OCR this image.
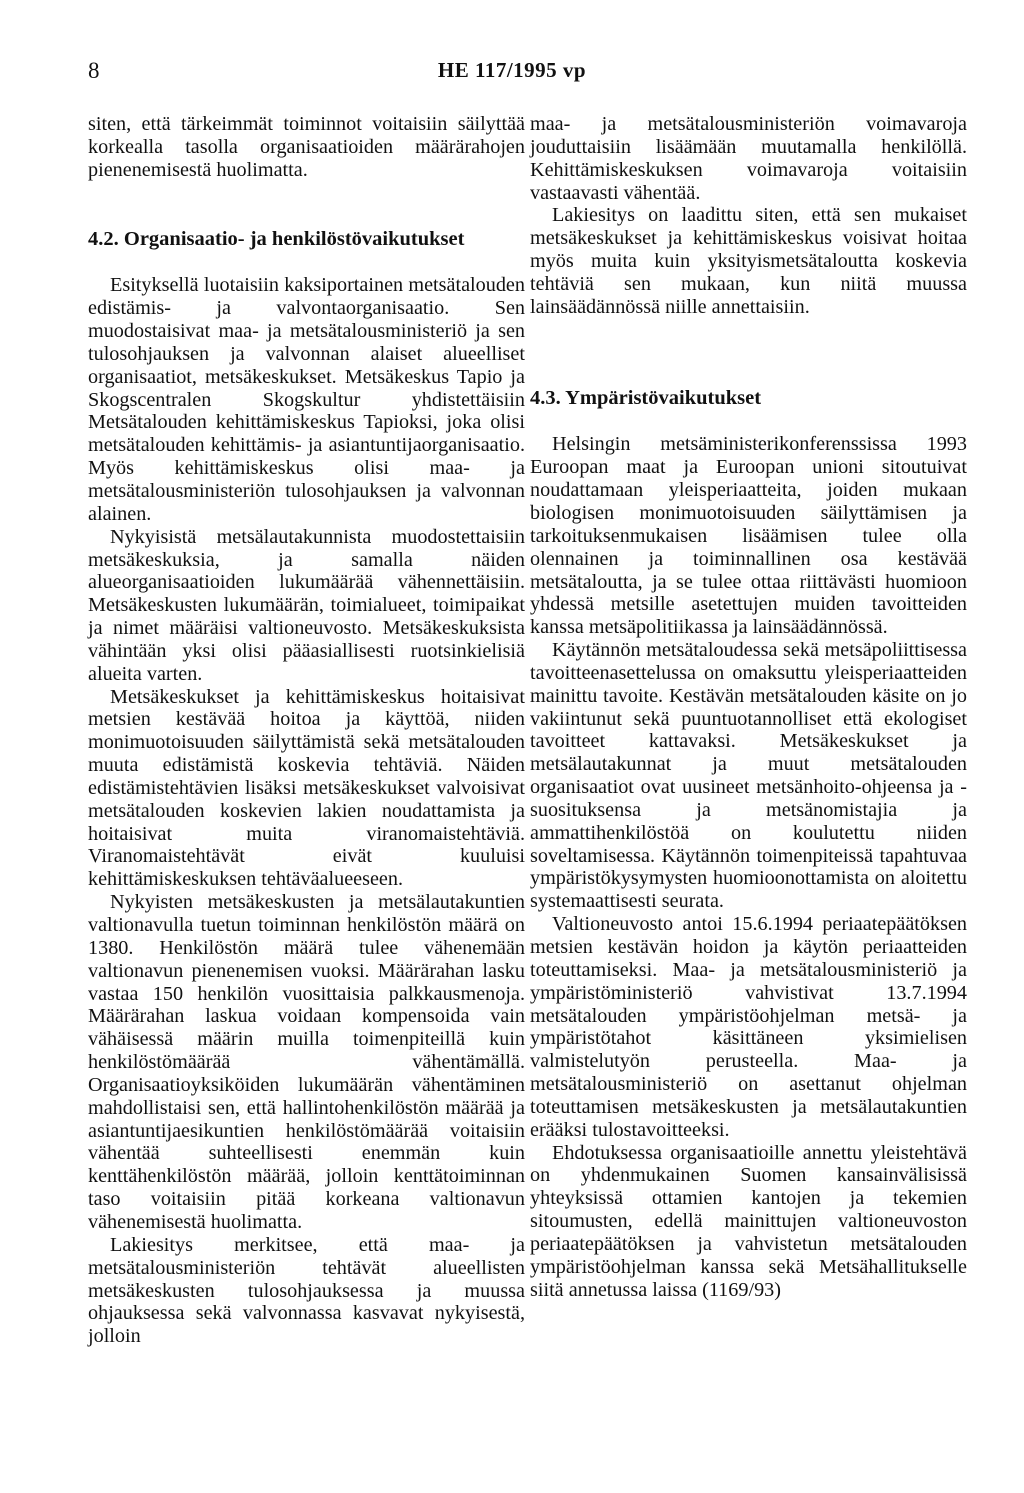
8	HE 117/1995 vp

siten, että tärkeimmät toiminnot voitaisiin säilyttää korkealla tasolla organisaatioiden määrärahojen pienenemisestä huolimatta.

4.2. Organisaatio- ja henkilöstövaikutukset

Esityksellä luotaisiin kaksiportainen metsätalouden edistämis- ja valvontaorganisaatio. Sen muodostaisivat maa- ja metsätalousministeriö ja sen tulosohjauksen ja valvonnan alaiset alueelliset organisaatiot, metsäkeskukset. Metsäkeskus Tapio ja Skogscentralen Skogskultur yhdistettäisiin Metsätalouden kehittämiskeskus Tapioksi, joka olisi metsätalouden kehittämis- ja asiantuntijaorganisaatio. Myös kehittämiskeskus olisi maa- ja metsätalousministeriön tulosohjauksen ja valvonnan alainen.

Nykyisistä metsälautakunnista muodostettaisiin metsäkeskuksia, ja samalla näiden alueorganisaatioiden lukumäärää vähennettäisiin. Metsäkeskusten lukumäärän, toimialueet, toimipaikat ja nimet määräisi valtioneuvosto. Metsäkeskuksista vähintään yksi olisi pääasiallisesti ruotsinkielisiä alueita varten.

Metsäkeskukset ja kehittämiskeskus hoitaisivat metsien kestävää hoitoa ja käyttöä, niiden monimuotoisuuden säilyttämistä sekä metsätalouden muuta edistämistä koskevia tehtäviä. Näiden edistämistehtävien lisäksi metsäkeskukset valvoisivat metsätalouden koskevien lakien noudattamista ja hoitaisivat muita viranomaistehtäviä. Viranomaistehtävät eivät kuuluisi kehittämiskeskuksen tehtäväalueeseen.

Nykyisten metsäkeskusten ja metsälautakuntien valtionavulla tuetun toiminnan henkilöstön määrä on 1380. Henkilöstön määrä tulee vähenemään valtionavun pienenemisen vuoksi. Määrärahan lasku vastaa 150 henkilön vuosittaisia palkkausmenoja. Määrärahan laskua voidaan kompensoida vain vähäisessä määrin muilla toimenpiteillä kuin henkilöstömäärää vähentämällä. Organisaatioyksiköiden lukumäärän vähentäminen mahdollistaisi sen, että hallintohenkilöstön määrää ja asiantuntijaesikuntien henkilöstömäärää voitaisiin vähentää suhteellisesti enemmän kuin kenttähenkilöstön määrää, jolloin kenttätoiminnan taso voitaisiin pitää korkeana valtionavun vähenemisestä huolimatta.

Lakiesitys merkitsee, että maa- ja metsätalousministeriön tehtävät alueellisten metsäkeskusten tulosohjauksessa ja muussa ohjauksessa sekä valvonnassa kasvavat nykyisestä, jolloin

maa- ja metsätalousministeriön voimavaroja jouduttaisiin lisäämään muutamalla henkilöllä. Kehittämiskeskuksen voimavaroja voitaisiin vastaavasti vähentää.

Lakiesitys on laadittu siten, että sen mukaiset metsäkeskukset ja kehittämiskeskus voisivat hoitaa myös muita kuin yksityismetsätaloutta koskevia tehtäviä sen mukaan, kun niitä muussa lainsäädännössä niille annettaisiin.

4.3. Ympäristövaikutukset

Helsingin metsäministerikonferenssissa 1993 Euroopan maat ja Euroopan unioni sitoutuivat noudattamaan yleisperiaatteita, joiden mukaan biologisen monimuotoisuuden säilyttämisen ja tarkoituksenmukaisen lisäämisen tulee olla olennainen ja toiminnallinen osa kestävää metsätaloutta, ja se tulee ottaa riittävästi huomioon yhdessä metsille asetettujen muiden tavoitteiden kanssa metsäpolitiikassa ja lainsäädännössä.

Käytännön metsätaloudessa sekä metsäpoliittisessa tavoitteenasettelussa on omaksuttu yleisperiaatteiden mainittu tavoite. Kestävän metsätalouden käsite on jo vakiintunut sekä puuntuotannolliset että ekologiset tavoitteet kattavaksi. Metsäkeskukset ja metsälautakunnat ja muut metsätalouden organisaatiot ovat uusineet metsänhoito-ohjeensa ja -suosituksensa ja metsänomistajia ja ammattihenkilöstöä on koulutettu niiden soveltamisessa. Käytännön toimenpiteissä tapahtuvaa ympäristökysymysten huomioonottamista on aloitettu systemaattisesti seurata.

Valtioneuvosto antoi 15.6.1994 periaatepäätöksen metsien kestävän hoidon ja käytön periaatteiden toteuttamiseksi. Maa- ja metsätalousministeriö ja ympäristöministeriö vahvistivat 13.7.1994 metsätalouden ympäristöohjelman metsä- ja ympäristötahot käsittäneen yksimielisen valmistelutyön perusteella. Maa- ja metsätalousministeriö on asettanut ohjelman toteuttamisen metsäkeskusten ja metsälautakuntien erääksi tulostavoitteeksi.

Ehdotuksessa organisaatioille annettu yleistehtävä on yhdenmukainen Suomen kansainvälisissä yhteyksissä ottamien kantojen ja tekemien sitoumusten, edellä mainittujen valtioneuvoston periaatepäätöksen ja vahvistetun metsätalouden ympäristöohjelman kanssa sekä Metsähallitukselle siitä annetussa laissa (1169/93)
